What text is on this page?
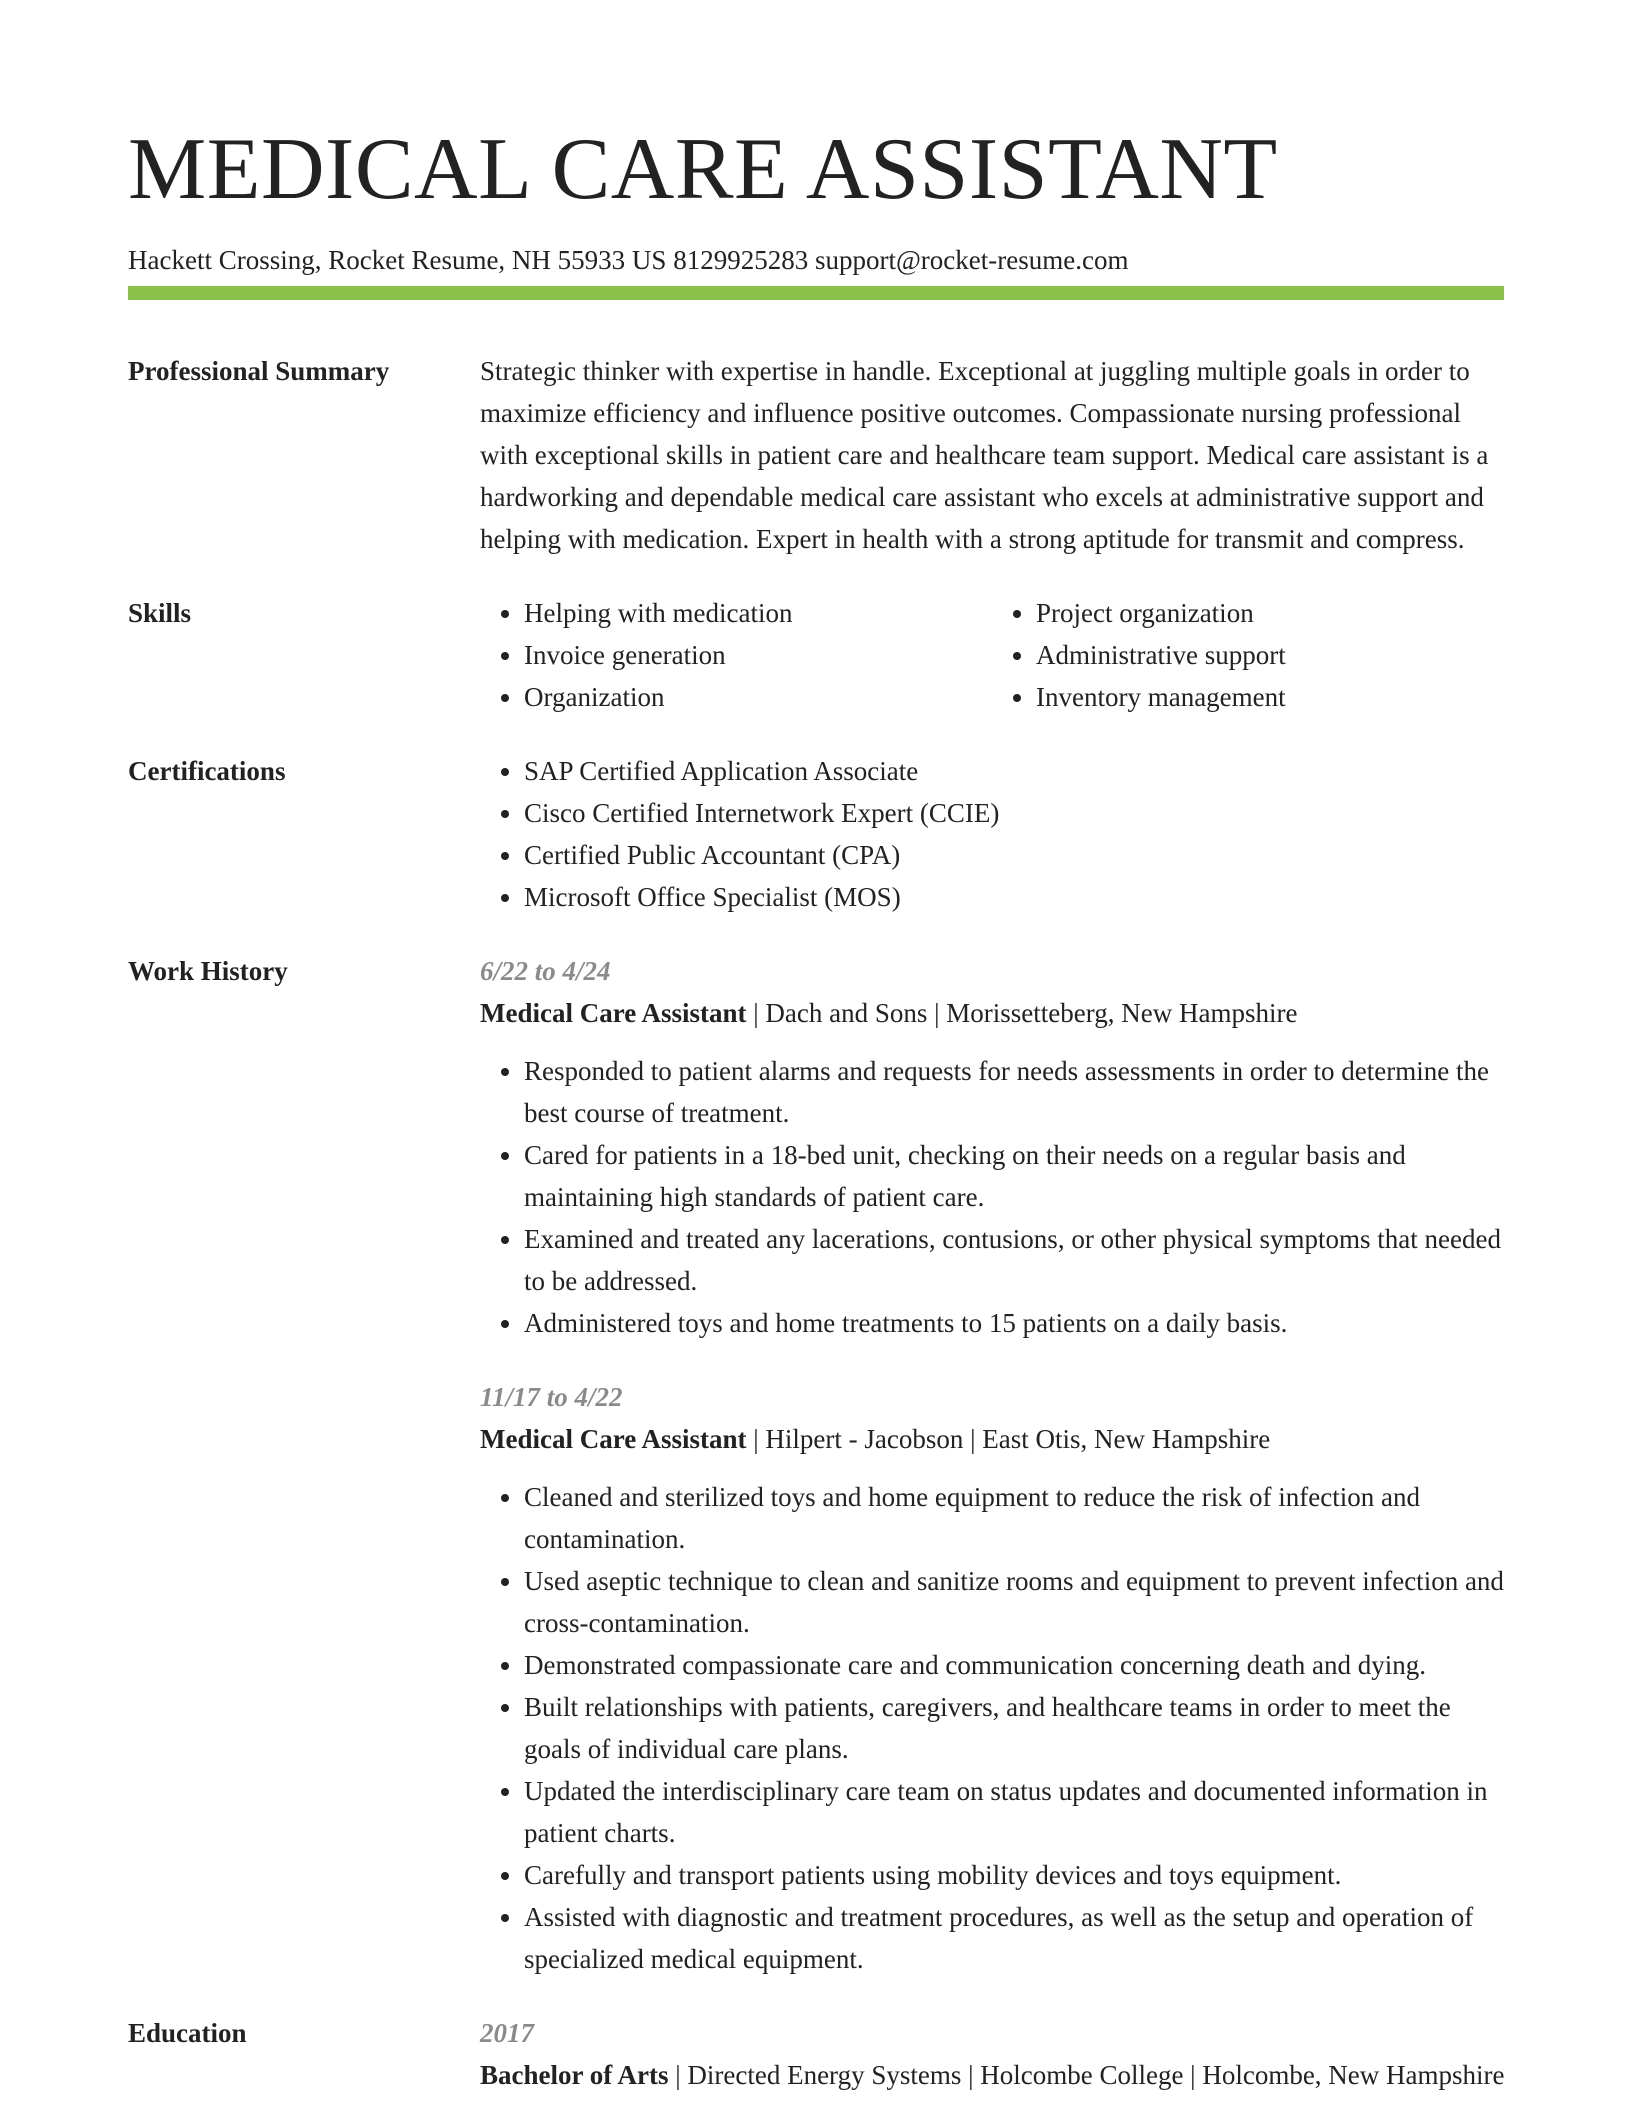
MEDICAL CARE ASSISTANT
Hackett Crossing, Rocket Resume, NH 55933 US 8129925283 support@rocket-resume.com
Professional Summary	Strategic thinker with expertise in handle. Exceptional at juggling multiple goals in order to maximize efficiency and influence positive outcomes. Compassionate nursing professional with exceptional skills in patient care and healthcare team support. Medical care assistant is a hardworking and dependable medical care assistant who excels at administrative support and helping with medication. Expert in health with a strong aptitude for transmit and compress.

Skills	• Helping with medication
• Invoice generation
• Organization
• Project organization
• Administrative support
• Inventory management
Certifications	• SAP Certified Application Associate
• Cisco Certified Internetwork Expert (CCIE)
• Certified Public Accountant (CPA)
• Microsoft Office Specialist (MOS)
Work History	6/22 to 4/24
Medical Care Assistant | Dach and Sons | Morissetteberg, New Hampshire
• Responded to patient alarms and requests for needs assessments in order to determine the best course of treatment.
• Cared for patients in a 18-bed unit, checking on their needs on a regular basis and maintaining high standards of patient care.
• Examined and treated any lacerations, contusions, or other physical symptoms that needed to be addressed.
• Administered toys and home treatments to 15 patients on a daily basis.
11/17 to 4/22
Medical Care Assistant | Hilpert - Jacobson | East Otis, New Hampshire
• Cleaned and sterilized toys and home equipment to reduce the risk of infection and contamination.
• Used aseptic technique to clean and sanitize rooms and equipment to prevent infection and cross-contamination.
• Demonstrated compassionate care and communication concerning death and dying.
• Built relationships with patients, caregivers, and healthcare teams in order to meet the goals of individual care plans.
• Updated the interdisciplinary care team on status updates and documented information in patient charts.
• Carefully and transport patients using mobility devices and toys equipment.
• Assisted with diagnostic and treatment procedures, as well as the setup and operation of specialized medical equipment.
Education	2017
Bachelor of Arts | Directed Energy Systems | Holcombe College | Holcombe, New Hampshire
